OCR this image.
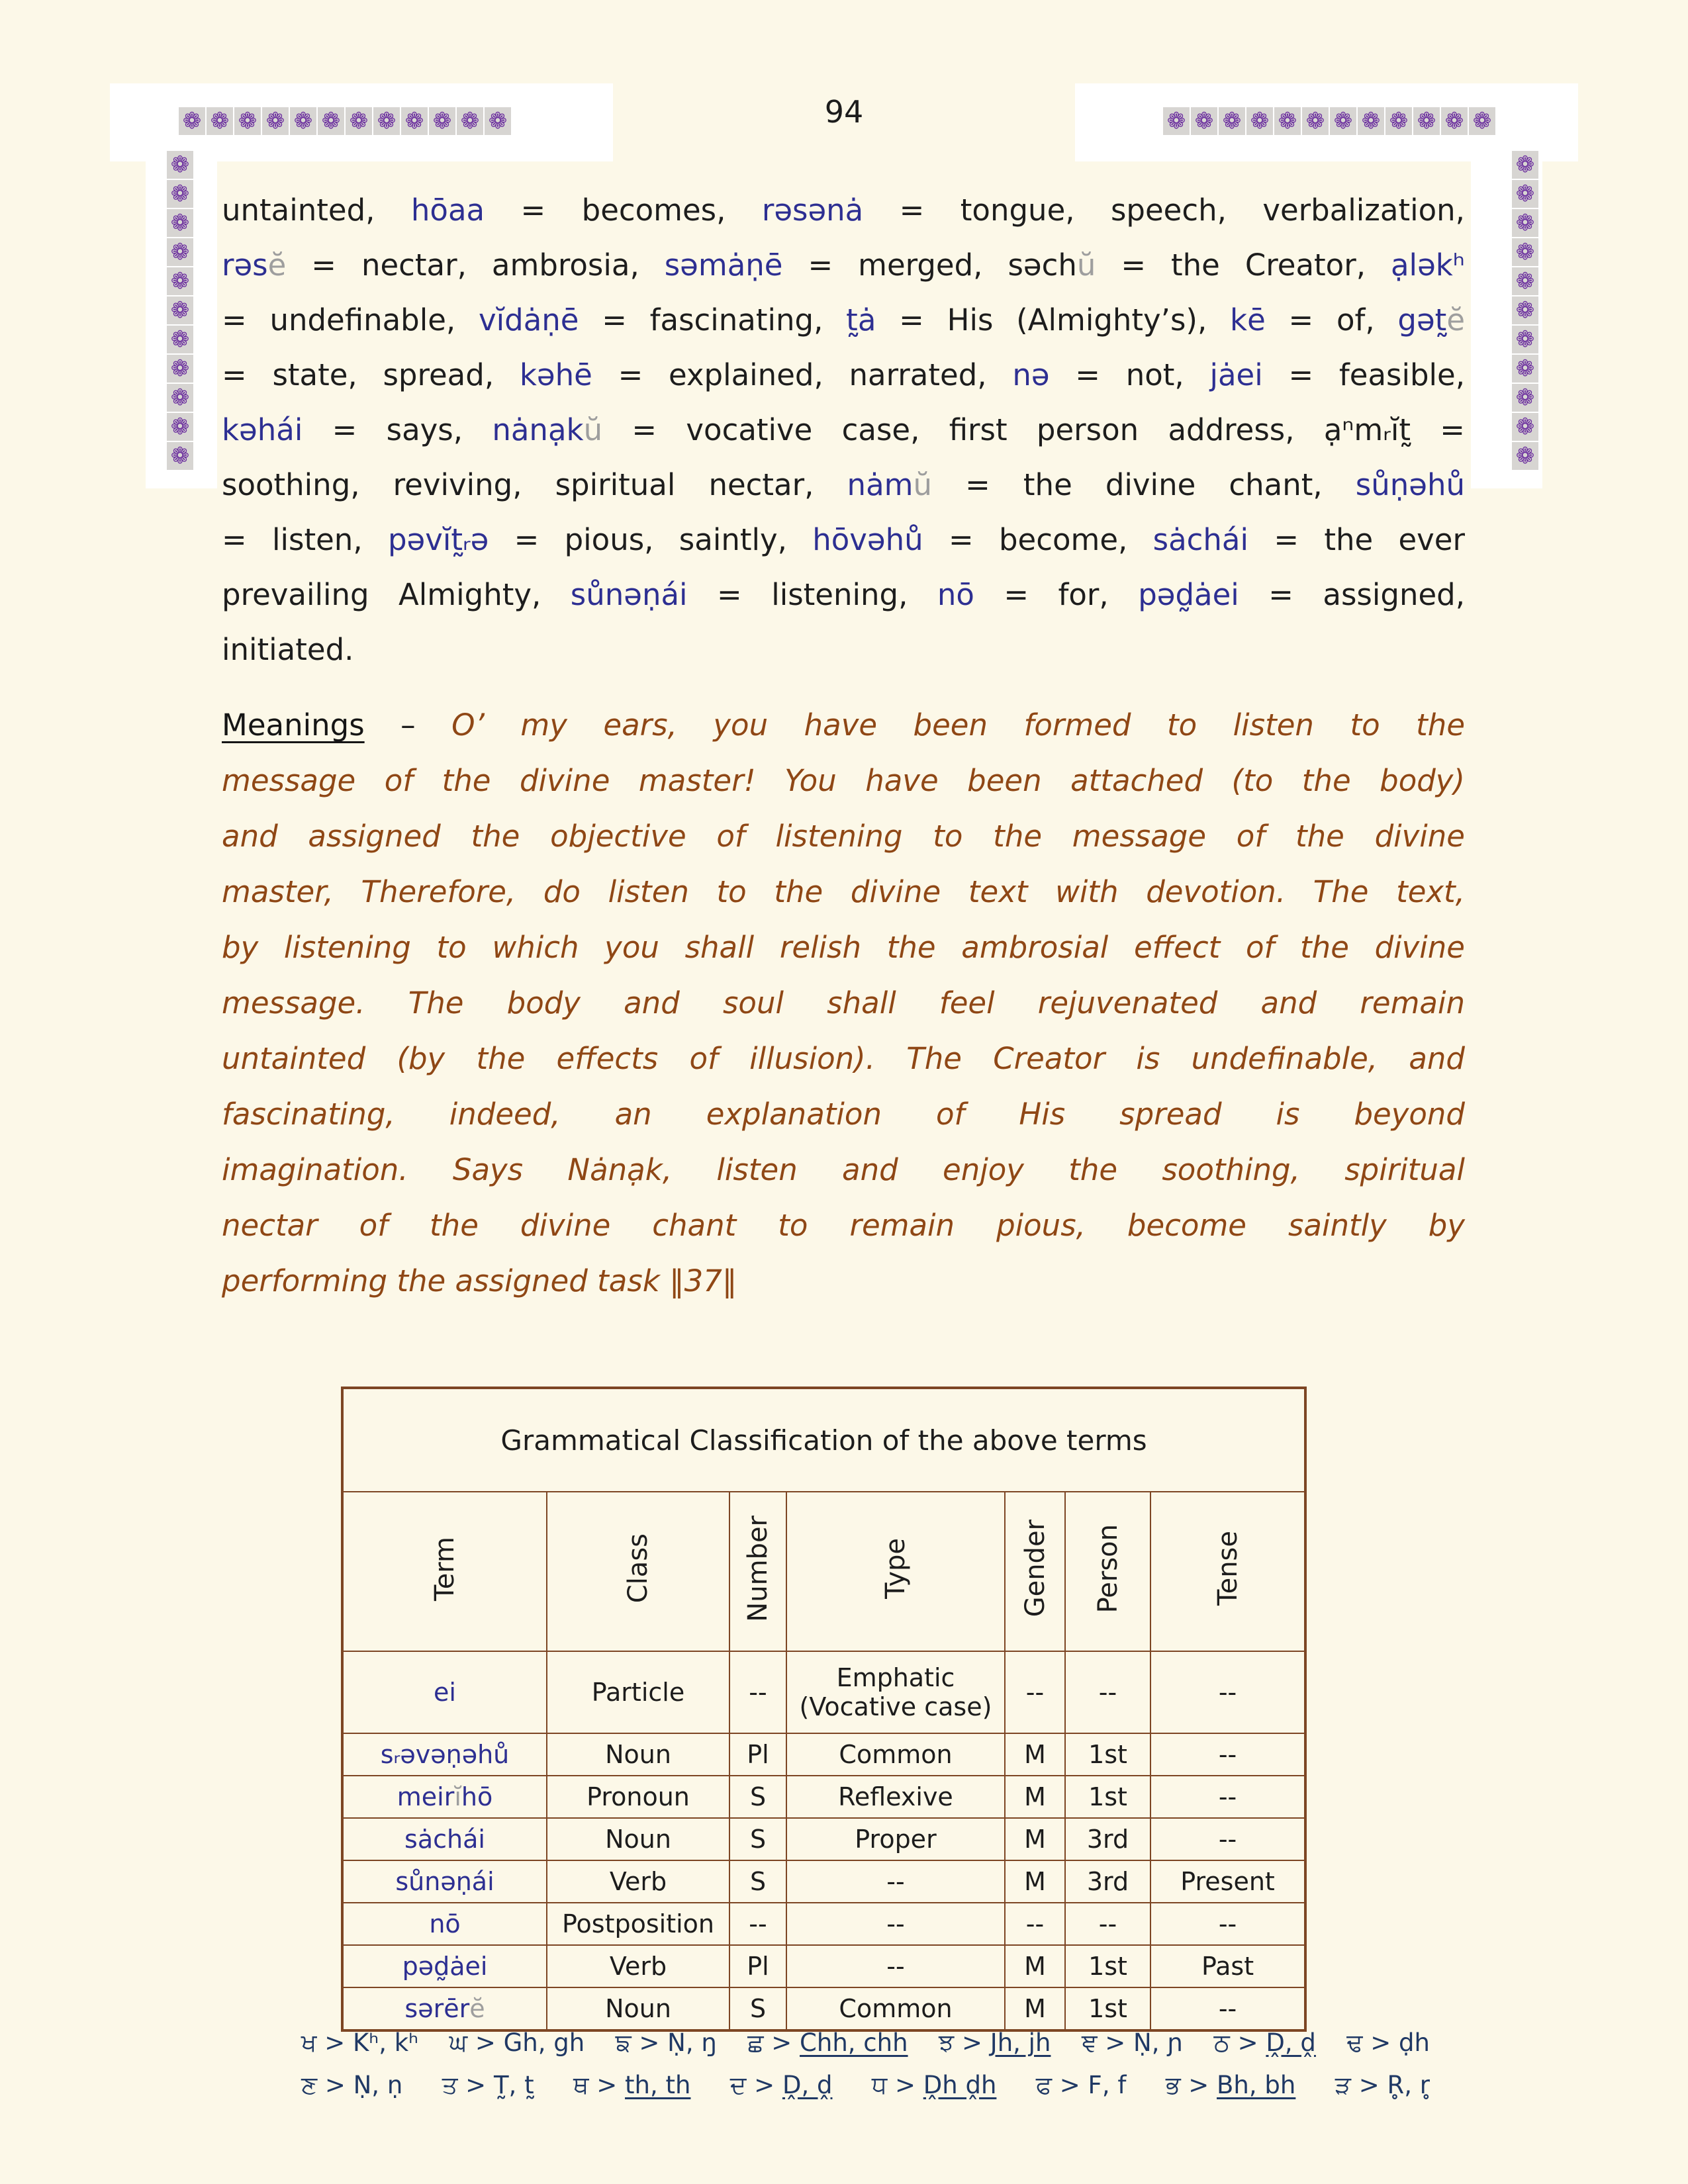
❁ ❁ ❁ ❁ ❁ ❁ ❁ ❁ ❁ ❁ ❁ ❁	❁ ❁ ❁ ❁ ❁ ❁ ❁ ❁ ❁ ❁ ❁ ❁
❁
❁
❁
❁
❁
❁
❁
❁
❁
❁
❁
❁
❁
❁
❁
❁
❁
❁
❁
❁
❁
❁
94
untainted, hōaa = becomes, rəsənȧ = tongue, speech, verbalization,
rəsĕ = nectar, ambrosia, səmȧṇē = merged, səchŭ = the Creator, ạləkʰ
= undefinable, vĭdȧṇē = fascinating, t̰ȧ = His (Almighty’s), kē = of, gət̰ĕ
= state, spread, kəhē = explained, narrated, nə = not, jȧei = feasible,
kəhái = says, nȧnạkŭ = vocative case, first person address, ạⁿmᵣĭt̰ =
soothing, reviving, spiritual nectar, nȧmŭ = the divine chant, sůṇəhů
= listen, pəvĭt̰ᵣə = pious, saintly, hōvəhů = become, sȧchái = the ever
prevailing Almighty, sůnəṇái = listening, nō = for, pəd̰ȧei = assigned,
initiated.
Meanings – O’ my ears, you have been formed to listen to the
message of the divine master! You have been attached (to the body)
and assigned the objective of listening to the message of the divine
master, Therefore, do listen to the divine text with devotion. The text,
by listening to which you shall relish the ambrosial effect of the divine
message. The body and soul shall feel rejuvenated and remain
untainted (by the effects of illusion). The Creator is undefinable, and
fascinating, indeed, an explanation of His spread is beyond
imagination. Says Nȧnạk, listen and enjoy the soothing, spiritual
nectar of the divine chant to remain pious, become saintly by
performing the assigned task ‖37‖
Grammatical Classification of the above terms						
Term	Class	Number	Type	Gender	Person	Tense
ei	Particle	--	Emphatic (Vocative case)	--	--	--
sᵣəvəṇəhů	Noun	Pl	Common	M	1st	--
meirĭhō	Pronoun	S	Reflexive	M	1st	--
sȧchái	Noun	S	Proper	M	3rd	--
sůnəṇái	Verb	S	--	M	3rd	Present
nō	Postposition	--	--	--	--	--
pəd̰ȧei	Verb	Pl	--	M	1st	Past
sərērĕ	Noun	S	Common	M	1st	--
ਖ > Kʰ, kʰ ਘ > Gh, gh ਙ > Ṇ, ŋ ਛ > Chh, chh ਝ > Jh, jh ਞ > Ṇ, ɲ ਠ > Ḓ, ḓ ਢ > ḍh
ਣ > Ṇ, ṇ ਤ > T̰, t̰ ਥ > th, th ਦ > Ḓ, ḓ ਧ > Ḓh ḓh ਫ > F, f ਭ > Bh, bh ੜ > R̥, r̥
